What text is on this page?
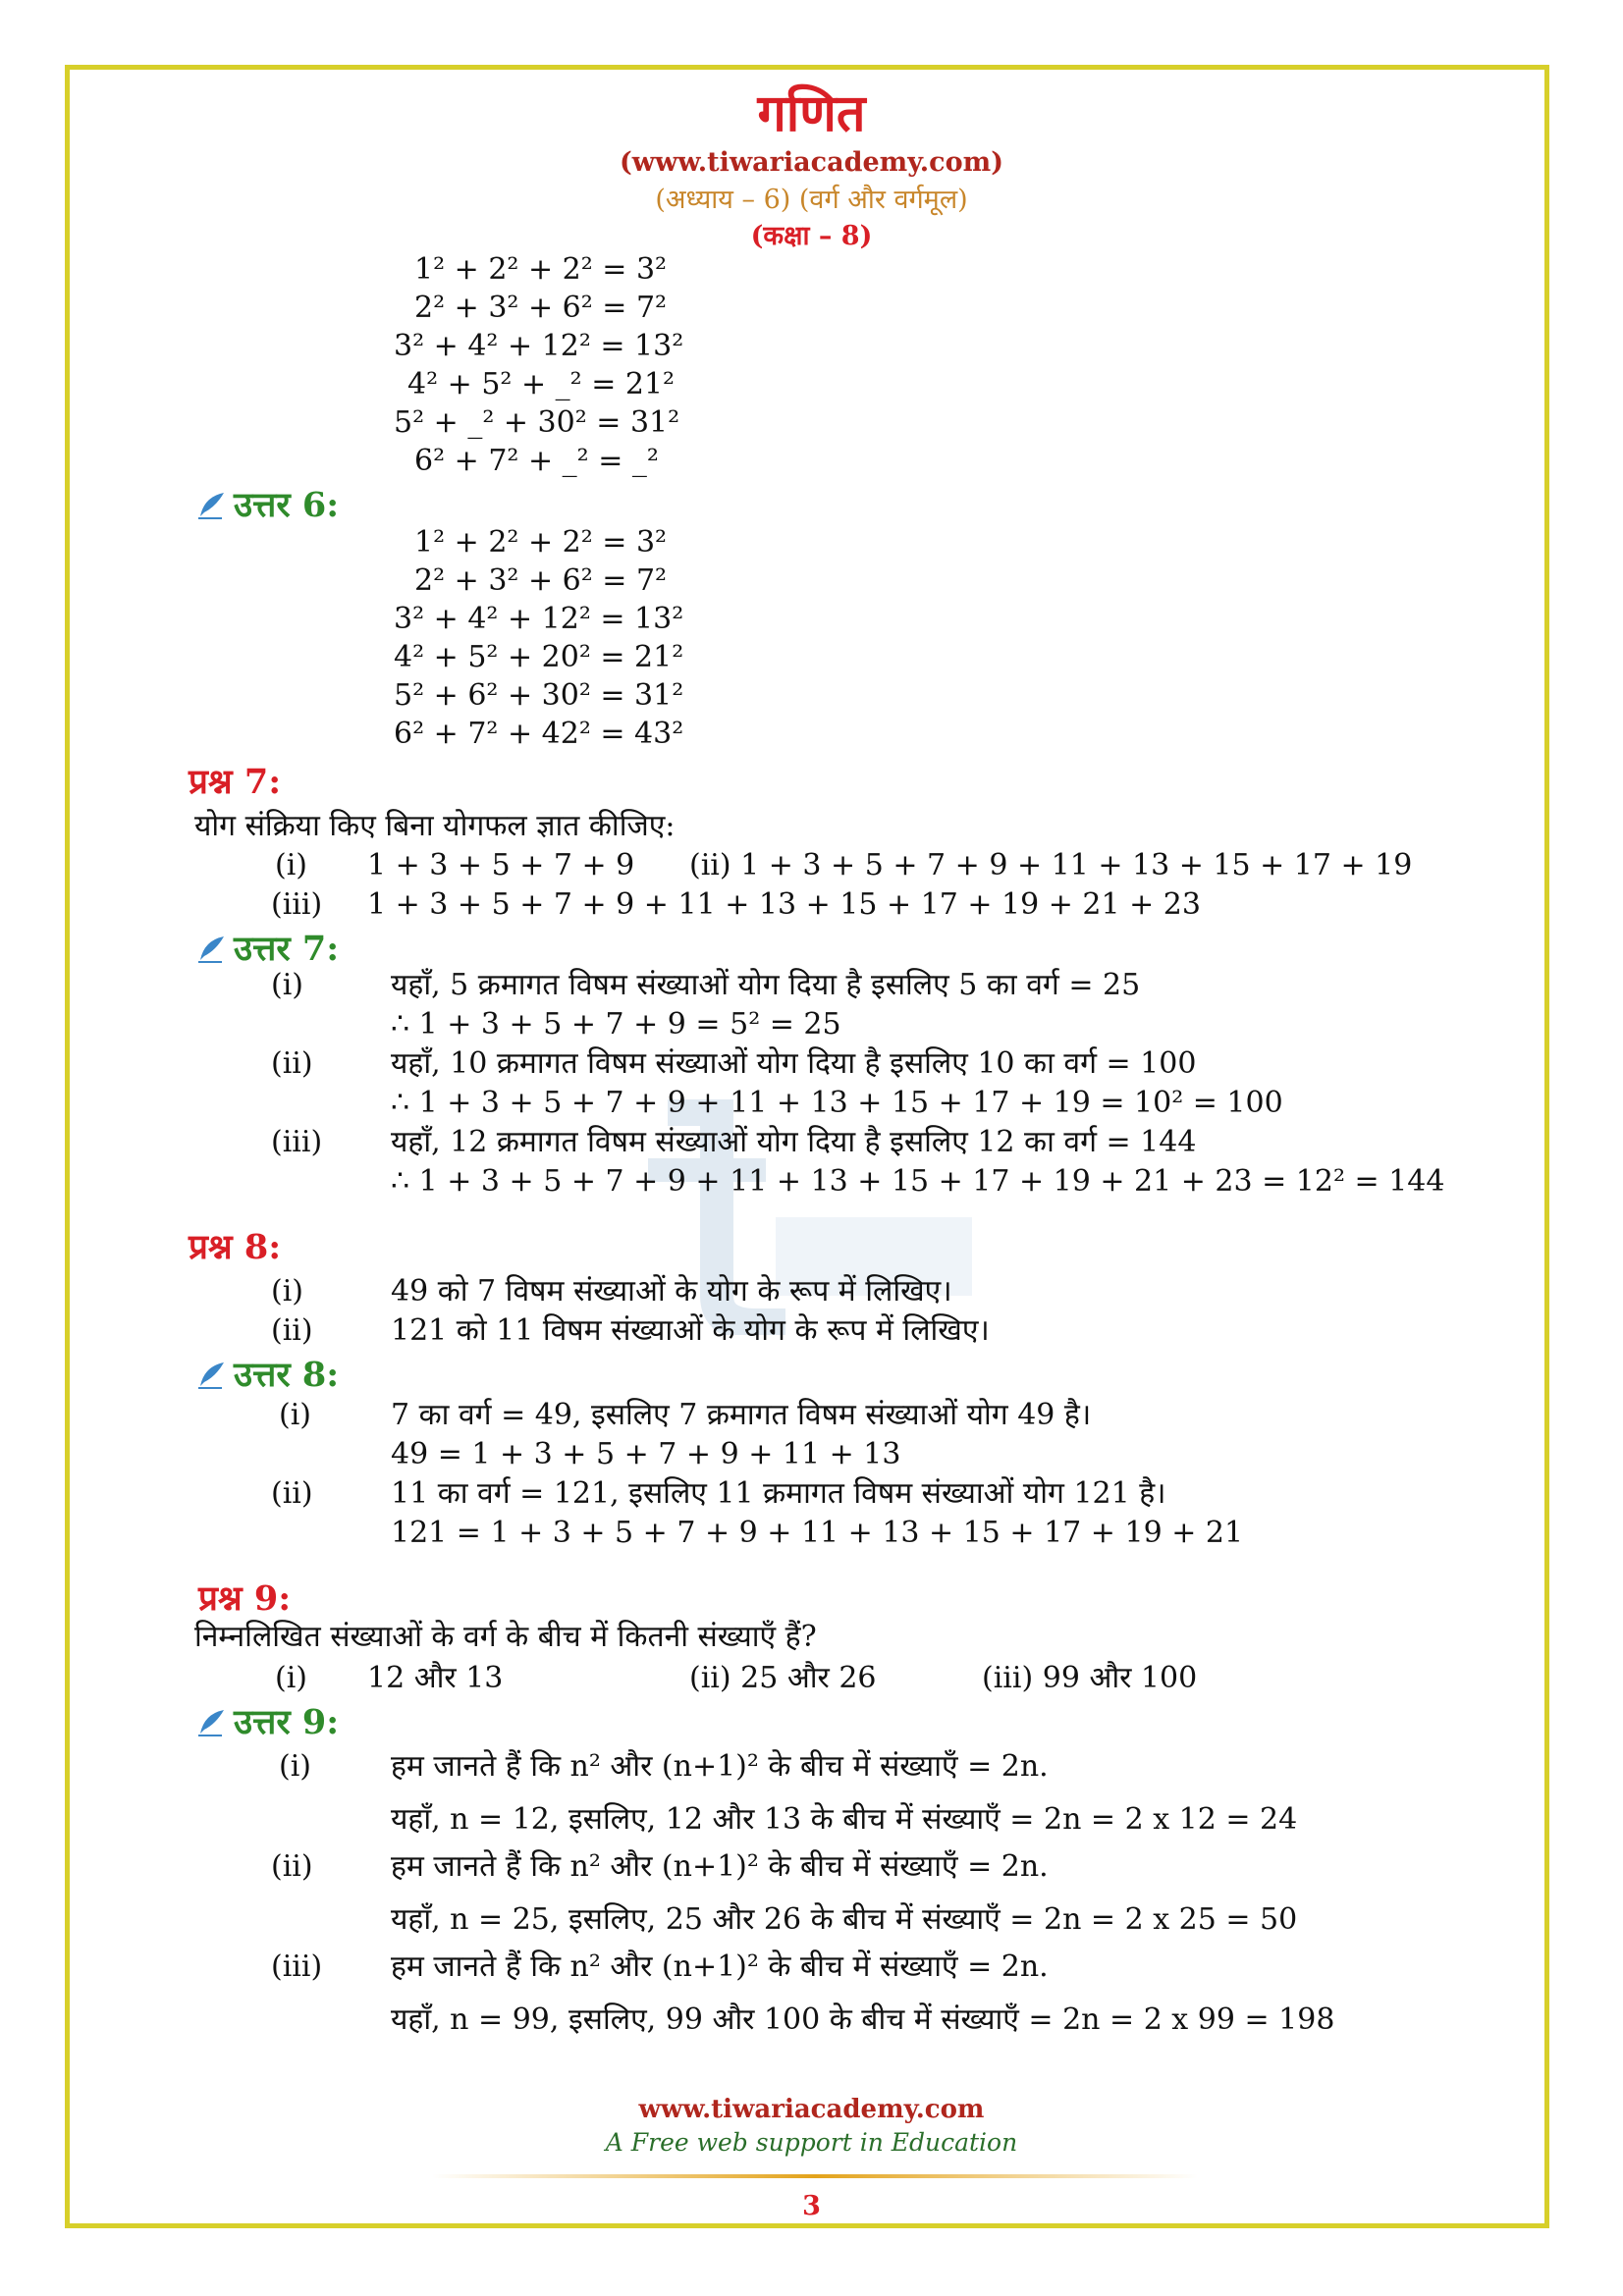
गणित
(www.tiwariacademy.com)
(अध्याय – 6) (वर्ग और वर्गमूल)
(कक्षा – 8)
1² + 2² + 2² = 3²
2² + 3² + 6² = 7²
3² + 4² + 12² = 13²
4² + 5² + _² = 21²
5² + _² + 30² = 31²
6² + 7² + _² = _²
उत्तर 6:
1² + 2² + 2² = 3²
2² + 3² + 6² = 7²
3² + 4² + 12² = 13²
4² + 5² + 20² = 21²
5² + 6² + 30² = 31²
6² + 7² + 42² = 43²
प्रश्न 7:
योग संक्रिया किए बिना योगफल ज्ञात कीजिए:
(i) 1 + 3 + 5 + 7 + 9 (ii) 1 + 3 + 5 + 7 + 9 + 11 + 13 + 15 + 17 + 19
(iii) 1 + 3 + 5 + 7 + 9 + 11 + 13 + 15 + 17 + 19 + 21 + 23
उत्तर 7:
(i)	यहाँ, 5 क्रमागत विषम संख्याओं योग दिया है इसलिए 5 का वर्ग = 25
∴ 1 + 3 + 5 + 7 + 9 = 5² = 25
(ii)	यहाँ, 10 क्रमागत विषम संख्याओं योग दिया है इसलिए 10 का वर्ग = 100
∴ 1 + 3 + 5 + 7 + 9 + 11 + 13 + 15 + 17 + 19 = 10² = 100
(iii) यहाँ, 12 क्रमागत विषम संख्याओं योग दिया है इसलिए 12 का वर्ग = 144
∴ 1 + 3 + 5 + 7 + 9 + 11 + 13 + 15 + 17 + 19 + 21 + 23 = 12² = 144
प्रश्न 8:
(i)	49 को 7 विषम संख्याओं के योग के रूप में लिखिए।
(ii)	121 को 11 विषम संख्याओं के योग के रूप में लिखिए।
उत्तर 8:
(i)	7 का वर्ग = 49, इसलिए 7 क्रमागत विषम संख्याओं योग 49 है।
49 = 1 + 3 + 5 + 7 + 9 + 11 + 13
(ii)	11 का वर्ग = 121, इसलिए 11 क्रमागत विषम संख्याओं योग 121 है।
121 = 1 + 3 + 5 + 7 + 9 + 11 + 13 + 15 + 17 + 19 + 21
प्रश्न 9:
निम्नलिखित संख्याओं के वर्ग के बीच में कितनी संख्याएँ हैं?
(i) 12 और 13	(ii) 25 और 26	(iii) 99 और 100
उत्तर 9:
(i)	हम जानते हैं कि n² और (n+1)² के बीच में संख्याएँ = 2n.
यहाँ, n = 12, इसलिए, 12 और 13 के बीच में संख्याएँ = 2n = 2 x 12 = 24
(ii)	हम जानते हैं कि n² और (n+1)² के बीच में संख्याएँ = 2n.
यहाँ, n = 25, इसलिए, 25 और 26 के बीच में संख्याएँ = 2n = 2 x 25 = 50
(iii) हम जानते हैं कि n² और (n+1)² के बीच में संख्याएँ = 2n.
यहाँ, n = 99, इसलिए, 99 और 100 के बीच में संख्याएँ = 2n = 2 x 99 = 198
www.tiwariacademy.com
A Free web support in Education
3
